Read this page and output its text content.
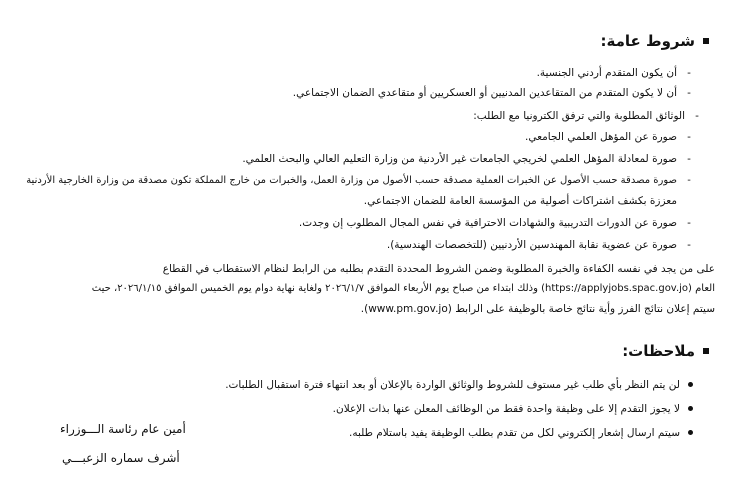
شروط عامة:
-
أن يكون المتقدم أردني الجنسية.
-
أن لا يكون المتقدم من المتقاعدين المدنيين أو العسكريين أو متقاعدي الضمان الاجتماعي.
-
الوثائق المطلوبة والتي ترفق الكترونيا مع الطلب:
-
صورة عن المؤهل العلمي الجامعي.
-
صورة لمعادلة المؤهل العلمي لخريجي الجامعات غير الأردنية من وزارة التعليم العالي والبحث العلمي.
-
صورة مصدقة حسب الأصول عن الخبرات العملية مصدقة حسب الأصول من وزارة العمل، والخبرات من خارج المملكة تكون مصدقة من وزارة الخارجية الأردنية
معززة بكشف اشتراكات أصولية من المؤسسة العامة للضمان الاجتماعي.
-
صورة عن الدورات التدريبية والشهادات الاحترافية في نفس المجال المطلوب إن وجدت.
-
صورة عن عضوية نقابة المهندسين الأردنيين (للتخصصات الهندسية).
على من يجد في نفسه الكفاءة والخبرة المطلوبة وضمن الشروط المحددة التقدم بطلبه من الرابط لنظام الاستقطاب في القطاع
العام (https://applyjobs.spac.gov.jo) وذلك ابتداء من صباح يوم الأربعاء الموافق ٢٠٢٦/١/٧ ولغاية نهاية دوام يوم الخميس الموافق ٢٠٢٦/١/١٥، حيث
سيتم إعلان نتائج الفرز وأية نتائج خاصة بالوظيفة على الرابط (www.pm.gov.jo).
ملاحظات:
لن يتم النظر بأي طلب غير مستوف للشروط والوثائق الواردة بالإعلان أو بعد انتهاء فترة استقبال الطلبات.
لا يجوز التقدم إلا على وظيفة واحدة فقط من الوظائف المعلن عنها بذات الإعلان.
سيتم ارسال إشعار إلكتروني لكل من تقدم بطلب الوظيفة يفيد باستلام طلبه.
أمين عام رئاسة الـــوزراء
أشرف سماره الزعبـــي
